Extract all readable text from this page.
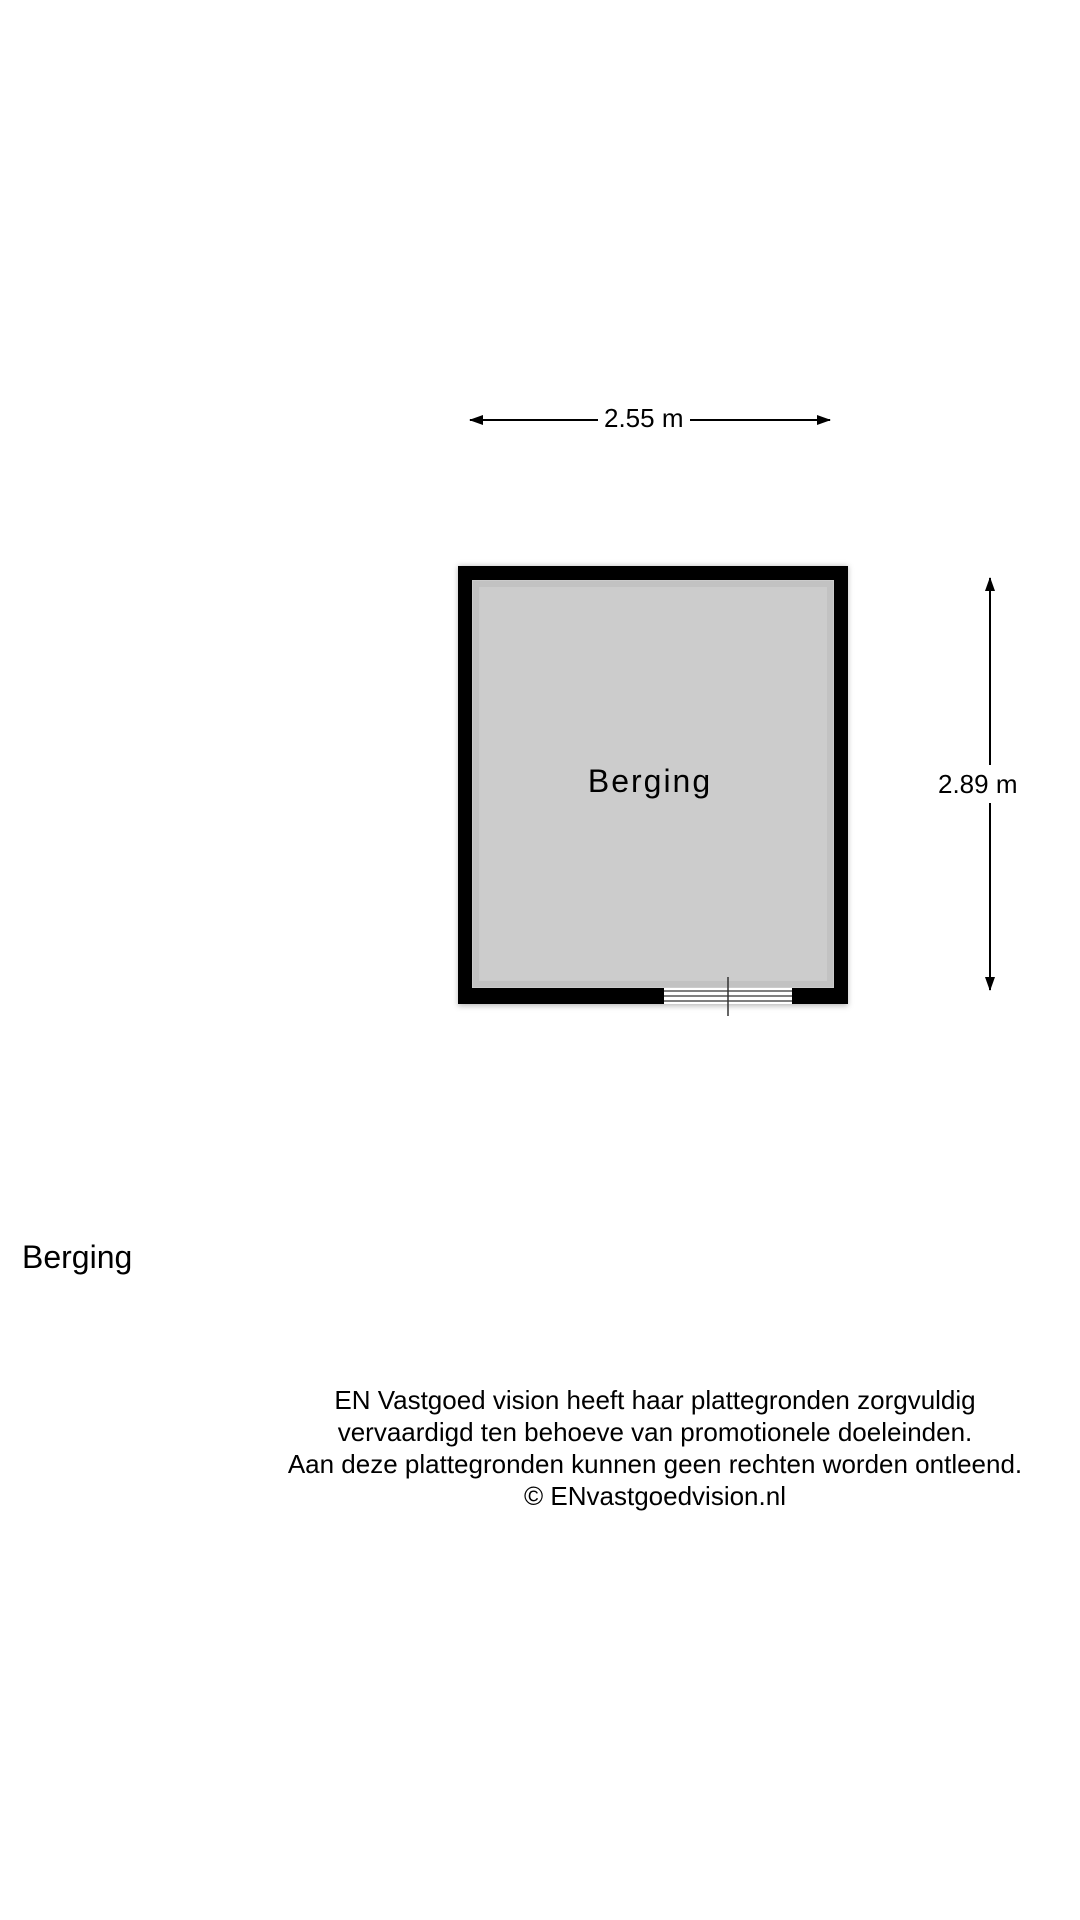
2.55 m
2.89 m
Berging
Berging
EN Vastgoed vision heeft haar plattegronden zorgvuldig
vervaardigd ten behoeve van promotionele doeleinden.
Aan deze plattegronden kunnen geen rechten worden ontleend.
© ENvastgoedvision.nl
